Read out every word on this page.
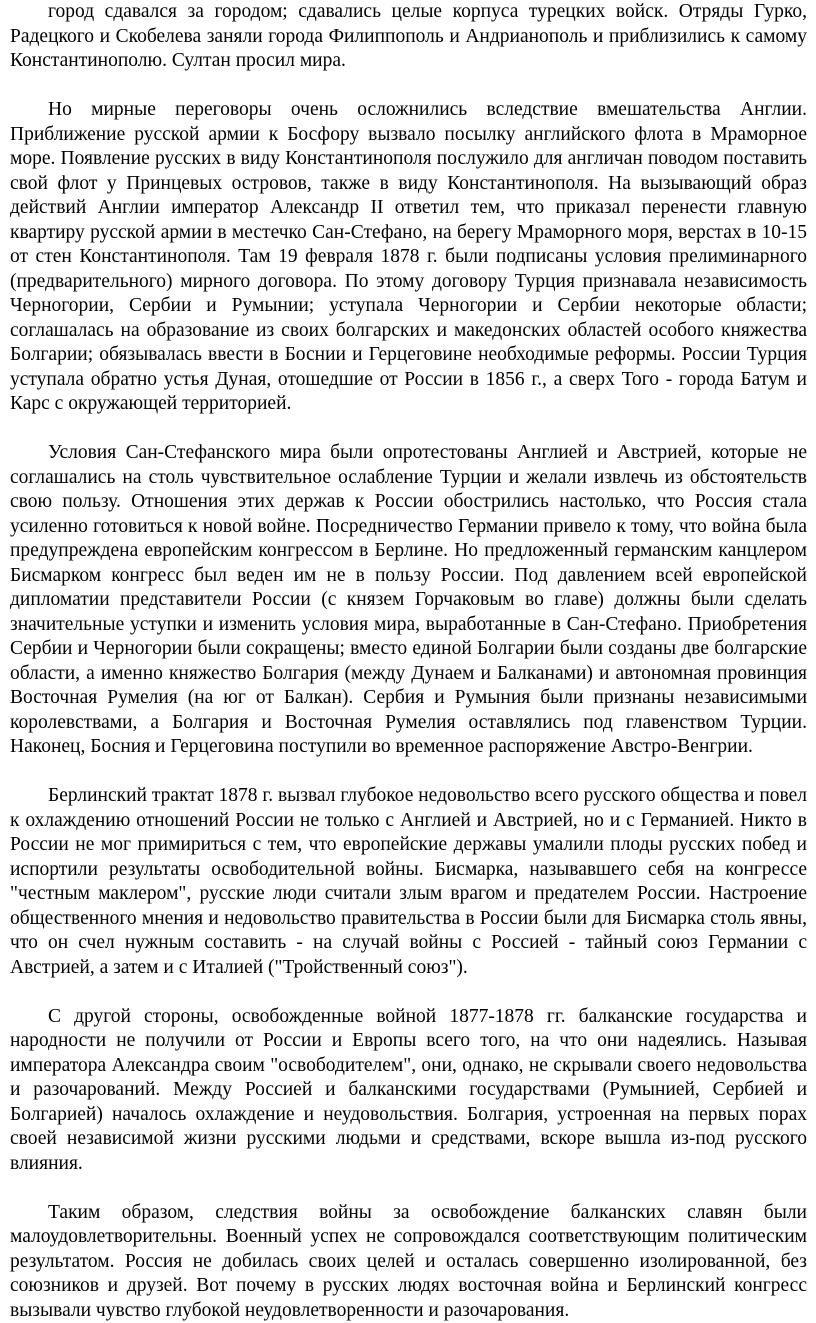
город сдавался за городом; сдавались целые корпуса турецких войск. Отряды Гурко, Радецкого и Скобелева заняли города Филиппополь и Андрианополь и приблизились к самому Константинополю. Султан просил мира.

Но мирные переговоры очень осложнились вследствие вмешательства Англии. Приближение русской армии к Босфору вызвало посылку английского флота в Мраморное море. Появление русских в виду Константинополя послужило для англичан поводом поставить свой флот у Принцевых островов, также в виду Константинополя. На вызывающий образ действий Англии император Александр II ответил тем, что приказал перенести главную квартиру русской армии в местечко Сан-Стефано, на берегу Мраморного моря, верстах в 10-15 от стен Константинополя. Там 19 февраля 1878 г. были подписаны условия прелиминарного (предварительного) мирного договора. По этому договору Турция признавала независимость Черногории, Сербии и Румынии; уступала Черногории и Сербии некоторые области; соглашалась на образование из своих болгарских и македонских областей особого княжества Болгарии; обязывалась ввести в Боснии и Герцеговине необходимые реформы. России Турция уступала обратно устья Дуная, отошедшие от России в 1856 г., а сверх Того - города Батум и Карс с окружающей территорией.

Условия Сан-Стефанского мира были опротестованы Англией и Австрией, которые не соглашались на столь чувствительное ослабление Турции и желали извлечь из обстоятельств свою пользу. Отношения этих держав к России обострились настолько, что Россия стала усиленно готовиться к новой войне. Посредничество Германии привело к тому, что война была предупреждена европейским конгрессом в Берлине. Но предложенный германским канцлером Бисмарком конгресс был веден им не в пользу России. Под давлением всей европейской дипломатии представители России (с князем Горчаковым во главе) должны были сделать значительные уступки и изменить условия мира, выработанные в Сан-Стефано. Приобретения Сербии и Черногории были сокращены; вместо единой Болгарии были созданы две болгарские области, а именно княжество Болгария (между Дунаем и Балканами) и автономная провинция Восточная Румелия (на юг от Балкан). Сербия и Румыния были признаны независимыми королевствами, а Болгария и Восточная Румелия оставлялись под главенством Турции. Наконец, Босния и Герцеговина поступили во временное распоряжение Австро-Венгрии.

Берлинский трактат 1878 г. вызвал глубокое недовольство всего русского общества и повел к охлаждению отношений России не только с Англией и Австрией, но и с Германией. Никто в России не мог примириться с тем, что европейские державы умалили плоды русских побед и испортили результаты освободительной войны. Бисмарка, называвшего себя на конгрессе "честным маклером", русские люди считали злым врагом и предателем России. Настроение общественного мнения и недовольство правительства в России были для Бисмарка столь явны, что он счел нужным составить - на случай войны с Россией - тайный союз Германии с Австрией, а затем и с Италией ("Тройственный союз").

С другой стороны, освобожденные войной 1877-1878 гг. балканские государства и народности не получили от России и Европы всего того, на что они надеялись. Называя императора Александра своим "освободителем", они, однако, не скрывали своего недовольства и разочарований. Между Россией и балканскими государствами (Румынией, Сербией и Болгарией) началось охлаждение и неудовольствия. Болгария, устроенная на первых порах своей независимой жизни русскими людьми и средствами, вскоре вышла из-под русского влияния.

Таким образом, следствия войны за освобождение балканских славян были малоудовлетворительны. Военный успех не сопровождался соответствующим политическим результатом. Россия не добилась своих целей и осталась совершенно изолированной, без союзников и друзей. Вот почему в русских людях восточная война и Берлинский конгресс вызывали чувство глубокой неудовлетворенности и разочарования.
